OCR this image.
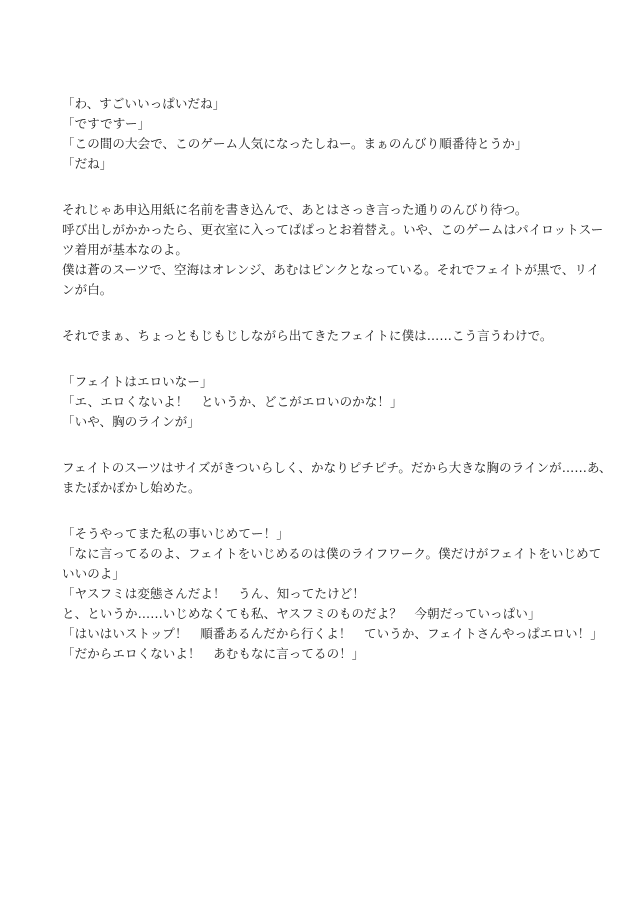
「わ、すごいいっぱいだね」
「ですですー」
「この間の大会で、このゲーム人気になったしねー。まぁのんびり順番待とうか」
「だね」
それじゃあ申込用紙に名前を書き込んで、あとはさっき言った通りのんびり待つ。
呼び出しがかかったら、更衣室に入ってぱぱっとお着替え。いや、このゲームはパイロットスー
ツ着用が基本なのよ。
僕は蒼のスーツで、空海はオレンジ、あむはピンクとなっている。それでフェイトが黒で、リイ
ンが白。
それでまぁ、ちょっともじもじしながら出てきたフェイトに僕は……こう言うわけで。
「フェイトはエロいなー」
「エ、エロくないよ！　というか、どこがエロいのかな！」
「いや、胸のラインが」
フェイトのスーツはサイズがきついらしく、かなりピチピチ。だから大きな胸のラインが……あ、
またぽかぽかし始めた。
「そうやってまた私の事いじめてー！」
「なに言ってるのよ、フェイトをいじめるのは僕のライフワーク。僕だけがフェイトをいじめて
いいのよ」
「ヤスフミは変態さんだよ！　うん、知ってたけど！
と、というか……いじめなくても私、ヤスフミのものだよ？　今朝だっていっぱい」
「はいはいストップ！　順番あるんだから行くよ！　ていうか、フェイトさんやっぱエロい！」
「だからエロくないよ！　あむもなに言ってるの！」
